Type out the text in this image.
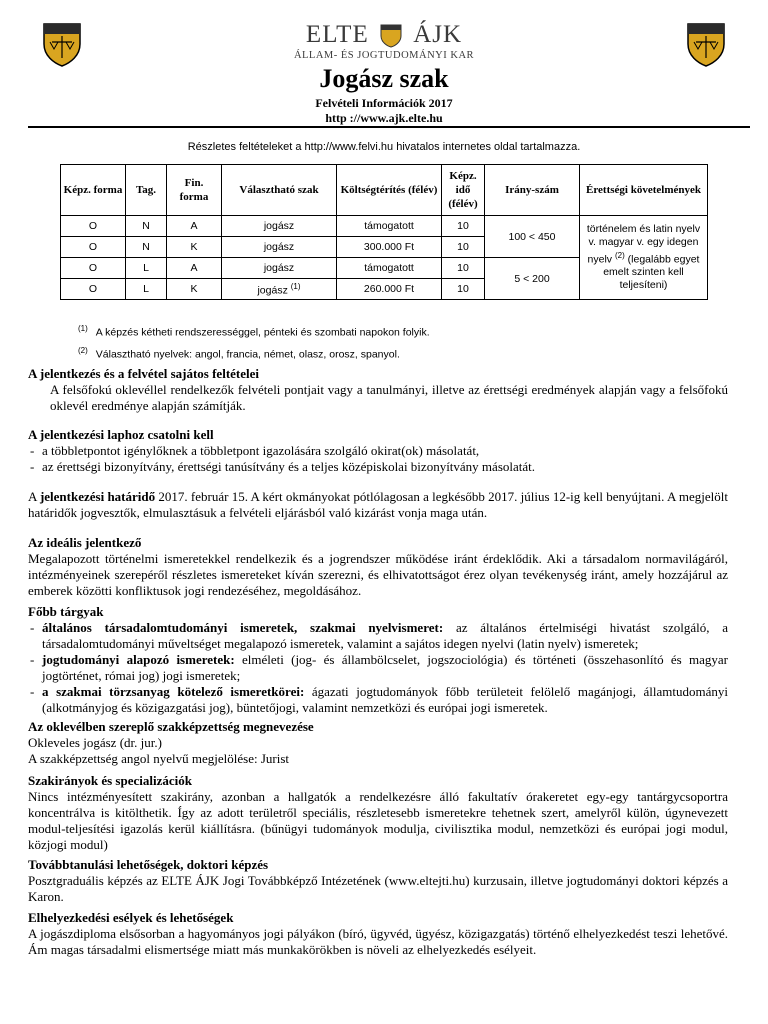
ELTE ÁJK
ÁLLAM- ÉS JOGTUDOMÁNYI KAR
Jogász szak
Felvételi Információk 2017
http ://www.ajk.elte.hu
Részletes feltételeket a http://www.felvi.hu hivatalos internetes oldal tartalmazza.
Képz. forma	Tag.	Fin. forma	Választható szak	Költségtérítés (félév)	Képz. idő (félév)	Irány-szám	Érettségi követelmények
O	N	A	jogász	támogatott	10	100 < 450	történelem és latin nyelv v. magyar v. egy idegen nyelv $^{(2)}$ (legalább egyet emelt szinten kell teljesíteni)
O	N	K	jogász	300.000 Ft	10		
O	L	A	jogász	támogatott	10	5 < 200	
O	L	K	jogász $^{(1)}$	260.000 Ft	10		
$^{(1)}$ A képzés kétheti rendszerességgel, pénteki és szombati napokon folyik.
$^{(2)}$ Választható nyelvek: angol, francia, német, olasz, orosz, spanyol.
A jelentkezés és a felvétel sajátos feltételei

A felsőfokú oklevéllel rendelkezők felvételi pontjait vagy a tanulmányi, illetve az érettségi eredmények alapján vagy a felsőfokú oklevél eredménye alapján számítják.

A jelentkezési laphoz csatolni kell
- a többletpontot igénylőknek a többletpont igazolására szolgáló okirat(ok) másolatát,
- az érettségi bizonyítvány, érettségi tanúsítvány és a teljes középiskolai bizonyítvány másolatát.

A jelentkezési határidő 2017. február 15. A kért okmányokat pótlólagosan a legkésőbb 2017. július 12-ig kell benyújtani. A megjelölt határidők jogvesztők, elmulasztásuk a felvételi eljárásból való kizárást vonja maga után.

Az ideális jelentkező

Megalapozott történelmi ismeretekkel rendelkezik és a jogrendszer működése iránt érdeklődik. Aki a társadalom normavilágáról, intézményeinek szerepéről részletes ismereteket kíván szerezni, és elhivatottságot érez olyan tevékenység iránt, amely hozzájárul az emberek közötti konfliktusok jogi rendezéséhez, megoldásához.

Főbb tárgyak
- általános társadalomtudományi ismeretek, szakmai nyelvismeret: az általános értelmiségi hivatást szolgáló, a társadalomtudományi műveltséget megalapozó ismeretek, valamint a sajátos idegen nyelvi (latin nyelv) ismeretek;
- jogtudományi alapozó ismeretek: elméleti (jog- és állambölcselet, jogszociológia) és történeti (összehasonlító és magyar jogtörténet, római jog) jogi ismeretek;
- a szakmai törzsanyag kötelező ismeretkörei: ágazati jogtudományok főbb területeit felölelő magánjogi, államtudományi (alkotmányjog és közigazgatási jog), büntetőjogi, valamint nemzetközi és európai jogi ismeretek.
Az oklevélben szereplő szakképzettség megnevezése

Okleveles jogász (dr. jur.)

A szakképzettség angol nyelvű megjelölése: Jurist

Szakirányok és specializációk

Nincs intézményesített szakirány, azonban a hallgatók a rendelkezésre álló fakultatív órakeretet egy-egy tantárgycsoportra koncentrálva is kitölthetik. Így az adott területről speciális, részletesebb ismeretekre tehetnek szert, amelyről külön, úgynevezett modul-teljesítési igazolás kerül kiállításra. (bűnügyi tudományok modulja, civilisztika modul, nemzetközi és európai jogi modul, közjogi modul)

Továbbtanulási lehetőségek, doktori képzés

Posztgraduális képzés az ELTE ÁJK Jogi Továbbképző Intézetének (www.eltejti.hu) kurzusain, illetve jogtudományi doktori képzés a Karon.

Elhelyezkedési esélyek és lehetőségek

A jogászdiploma elsősorban a hagyományos jogi pályákon (bíró, ügyvéd, ügyész, közigazgatás) történő elhelyezkedést teszi lehetővé. Ám magas társadalmi elismertsége miatt más munkakörökben is növeli az elhelyezkedés esélyeit.
